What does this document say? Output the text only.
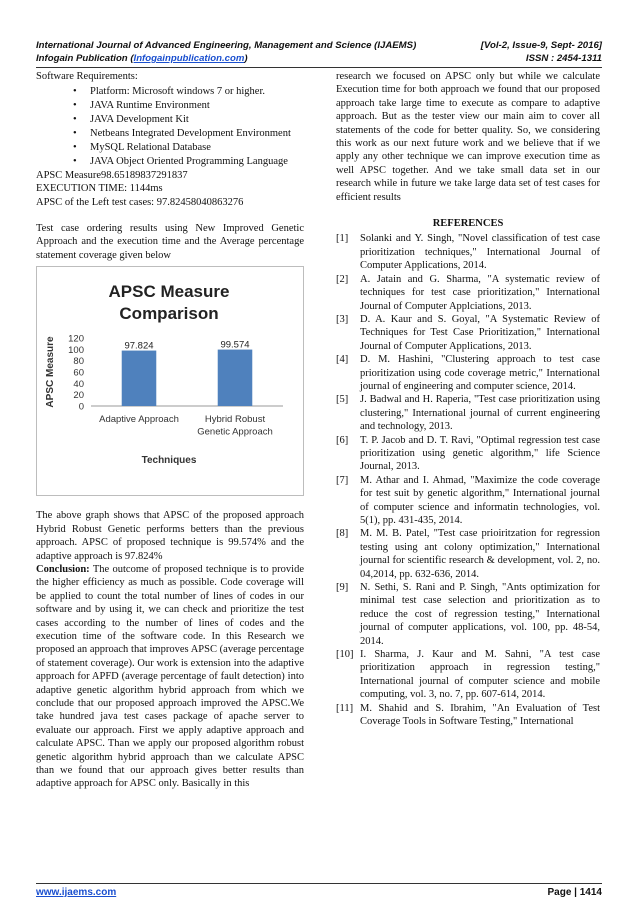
International Journal of Advanced Engineering, Management and Science (IJAEMS)	[Vol-2, Issue-9, Sept- 2016]
Infogain Publication (Infogainpublication.com)	ISSN : 2454-1311
Software Requirements:
• Platform: Microsoft windows 7 or higher.
• JAVA Runtime Environment
• JAVA Development Kit
• Netbeans Integrated Development Environment
• MySQL Relational Database
• JAVA Object Oriented Programming Language
APSC Measure98.65189837291837
EXECUTION TIME: 1144ms
APSC of the Left test cases: 97.82458040863276

Test case ordering results using New Improved Genetic Approach and the execution time and the Average percentage statement coverage given below

APSC Measure
Comparison
0
20
40
60
80
100
120
97.824
Adaptive Approach
99.574
Hybrid Robust
Genetic Approach
Techniques
APSC Measure

The above graph shows that APSC of the proposed approach Hybrid Robust Genetic performs betters than the previous approach. APSC of proposed technique is 99.574% and the adaptive approach is 97.824%

Conclusion: The outcome of proposed technique is to provide the higher efficiency as much as possible. Code coverage will be applied to count the total number of lines of codes in our software and by using it, we can check and prioritize the test cases according to the number of lines of codes and the execution time of the software code. In this Research we proposed an approach that improves APSC (average percentage of statement coverage). Our work is extension into the adaptive approach for APFD (average percentage of fault detection) into adaptive genetic algorithm hybrid approach from which we conclude that our proposed approach improved the APSC.We take hundred java test cases package of apache server to evaluate our approach. First we apply adaptive approach and calculate APSC. Than we apply our proposed algorithm robust genetic algorithm hybrid approach than we calculate APSC than we found that our approach gives better results than adaptive approach for APSC only. Basically in this

research we focused on APSC only but while we calculate Execution time for both approach we found that our proposed approach take large time to execute as compare to adaptive approach. But as the tester view our main aim to cover all statements of the code for better quality. So, we considering this work as our next future work and we believe that if we apply any other technique we can improve execution time as well APSC together. And we take small data set in our research while in future we take large data set of test cases for efficient results

REFERENCES
[1] Solanki and Y. Singh, "Novel classification of test case prioritization techniques," International Journal of Computer Applications, 2014.
[2] A. Jatain and G. Sharma, "A systematic review of techniques for test case prioritization," International Journal of Computer Applciations, 2013.
[3] D. A. Kaur and S. Goyal, "A Systematic Review of Techniques for Test Case Prioritization," International Journal of Computer Applications, 2013.
[4] D. M. Hashini, "Clustering approach to test case prioritization using code coverage metric," International journal of engineering and computer science, 2014.
[5] J. Badwal and H. Raperia, "Test case prioritization using clustering," International journal of current engineering and technology, 2013.
[6] T. P. Jacob and D. T. Ravi, "Optimal regression test case prioritization using genetic algorithm," life Science Journal, 2013.
[7] M. Athar and I. Ahmad, "Maximize the code coverage for test suit by genetic algorithm," International journal of computer science and informatin technologies, vol. 5(1), pp. 431-435, 2014.
[8] M. M. B. Patel, "Test case prioiritzation for regression testing using ant colony optimization," International journal for scientific research & development, vol. 2, no. 04,2014, pp. 632-636, 2014.
[9] N. Sethi, S. Rani and P. Singh, "Ants optimization for minimal test case selection and prioritization as to reduce the cost of regression testing," International journal of computer applications, vol. 100, pp. 48-54, 2014.
[10] I. Sharma, J. Kaur and M. Sahni, "A test case prioritization approach in regression testing," International journal of computer science and mobile computing, vol. 3, no. 7, pp. 607-614, 2014.
[11] M. Shahid and S. Ibrahim, "An Evaluation of Test Coverage Tools in Software Testing," International
www.ijaems.com	Page | 1414
